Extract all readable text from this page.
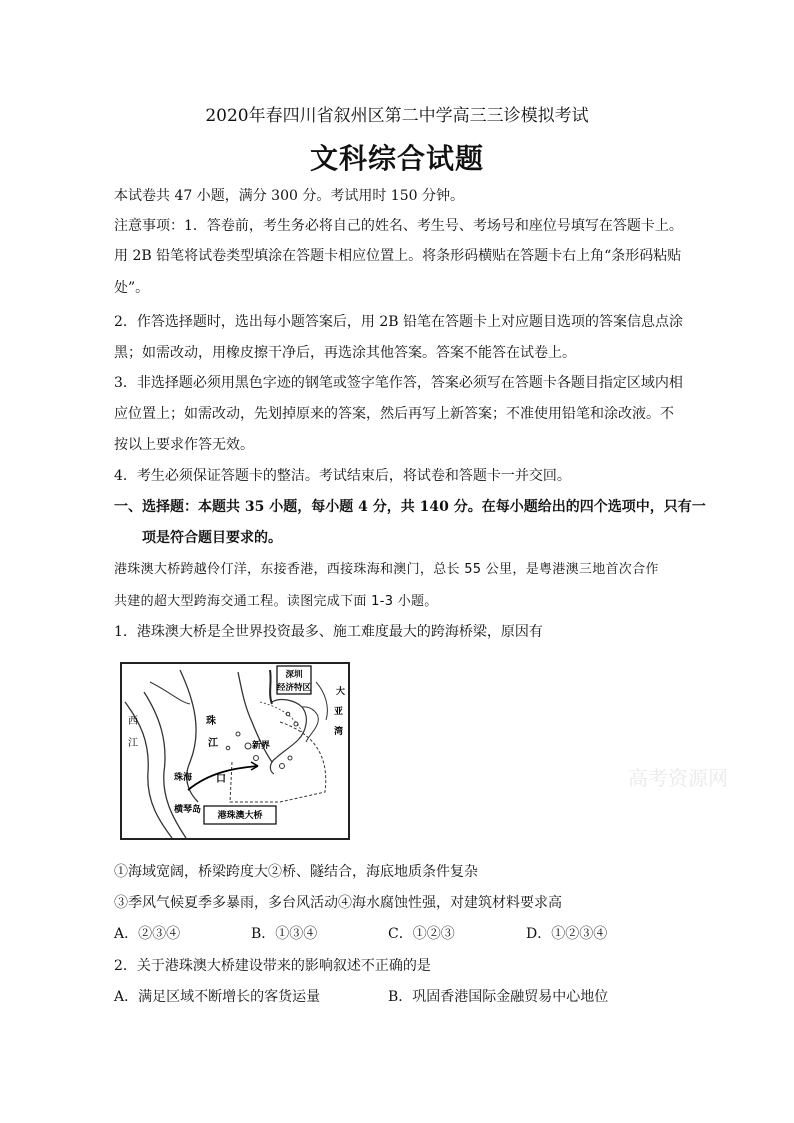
2020年春四川省叙州区第二中学高三三诊模拟考试
文科综合试题
本试卷共 47 小题，满分 300 分。考试用时 150 分钟。
注意事项：1．答卷前，考生务必将自己的姓名、考生号、考场号和座位号填写在答题卡上。
用 2B 铅笔将试卷类型填涂在答题卡相应位置上。将条形码横贴在答题卡右上角“条形码粘贴
处”。
2．作答选择题时，选出每小题答案后，用 2B 铅笔在答题卡上对应题目选项的答案信息点涂
黑；如需改动，用橡皮擦干净后，再选涂其他答案。答案不能答在试卷上。
3．非选择题必须用黑色字迹的钢笔或签字笔作答，答案必须写在答题卡各题目指定区域内相
应位置上；如需改动，先划掉原来的答案，然后再写上新答案；不准使用铅笔和涂改液。不
按以上要求作答无效。
4．考生必须保证答题卡的整洁。考试结束后，将试卷和答题卡一并交回。
一、选择题：本题共 35 小题，每小题 4 分，共 140 分。在每小题给出的四个选项中，只有一
项是符合题目要求的。
港珠澳大桥跨越伶仃洋，东接香港，西接珠海和澳门，总长 55 公里，是粤港澳三地首次合作
共建的超大型跨海交通工程。读图完成下面 1-3 小题。
1．港珠澳大桥是全世界投资最多、施工难度最大的跨海桥梁，原因有
深圳
经济特区
港珠澳大桥
大
亚
湾
西
江
珠
江
口
新界
珠海
横琴岛
高考资源网
①海域宽阔，桥梁跨度大②桥、隧结合，海底地质条件复杂
③季风气候夏季多暴雨，多台风活动④海水腐蚀性强，对建筑材料要求高
A．②③④	B．①③④	C．①②③	D．①②③④
2．关于港珠澳大桥建设带来的影响叙述不正确的是
A．满足区域不断增长的客货运量	B．巩固香港国际金融贸易中心地位
